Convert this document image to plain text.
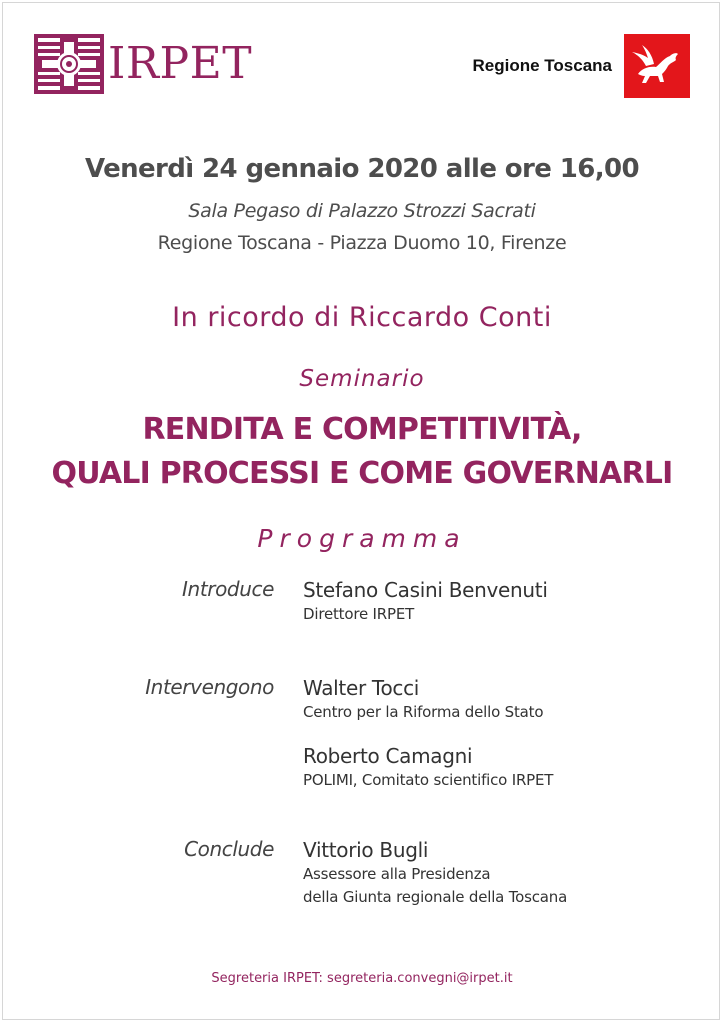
IRPET	Regione Toscana
Venerdì 24 gennaio 2020 alle ore 16,00
Sala Pegaso di Palazzo Strozzi Sacrati
Regione Toscana - Piazza Duomo 10, Firenze
In ricordo di Riccardo Conti
Seminario
RENDITA E COMPETITIVITÀ,
QUALI PROCESSI E COME GOVERNARLI
Programma
Introduce Stefano Casini Benvenuti
Direttore IRPET
Intervengono Walter Tocci
Centro per la Riforma dello Stato
Roberto Camagni
POLIMI, Comitato scientifico IRPET
Conclude Vittorio Bugli
Assessore alla Presidenza
della Giunta regionale della Toscana
Segreteria IRPET: segreteria.convegni@irpet.it
